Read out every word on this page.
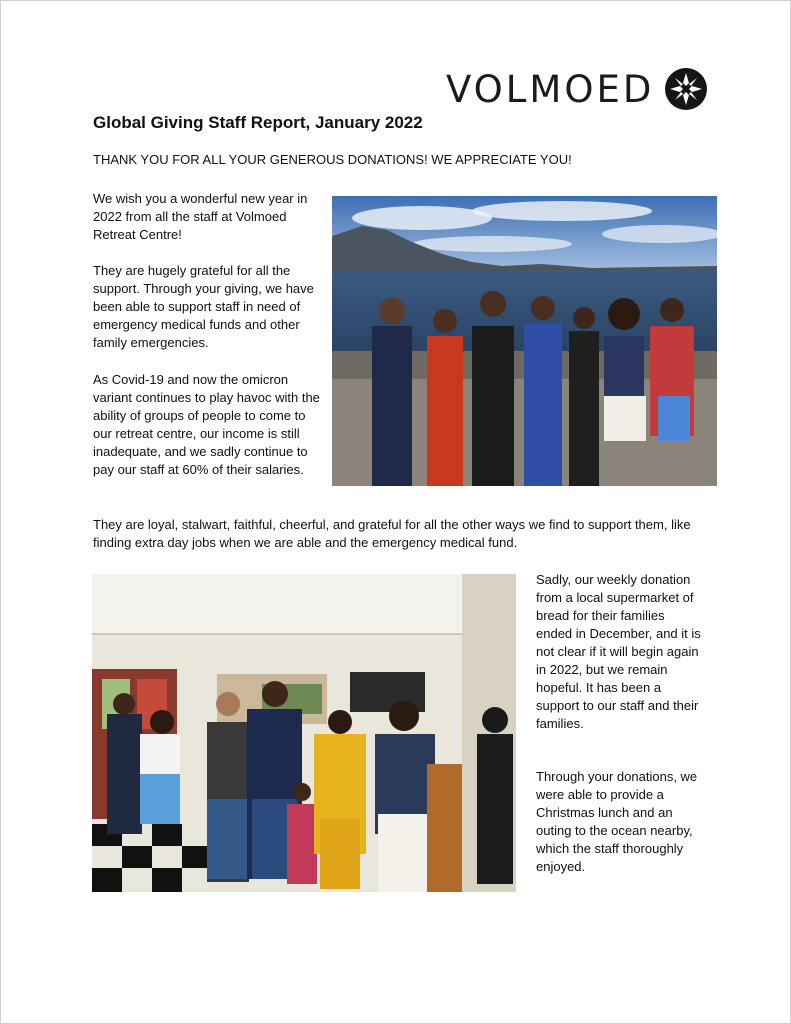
VOLMOED
Global Giving Staff Report, January 2022
THANK YOU FOR ALL YOUR GENEROUS DONATIONS! WE APPRECIATE YOU!

We wish you a wonderful new year in 2022 from all the staff at Volmoed Retreat Centre!

They are hugely grateful for all the support. Through your giving, we have been able to support staff in need of emergency medical funds and other family emergencies.

As Covid-19 and now the omicron variant continues to play havoc with the ability of groups of people to come to our retreat centre, our income is still inadequate, and we sadly continue to pay our staff at 60% of their salaries.

They are loyal, stalwart, faithful, cheerful, and grateful for all the other ways we find to support them, like finding extra day jobs when we are able and the emergency medical fund.

Sadly, our weekly donation from a local supermarket of bread for their families ended in December, and it is not clear if it will begin again in 2022, but we remain hopeful. It has been a support to our staff and their families.

Through your donations, we were able to provide a Christmas lunch and an outing to the ocean nearby, which the staff thoroughly enjoyed.
